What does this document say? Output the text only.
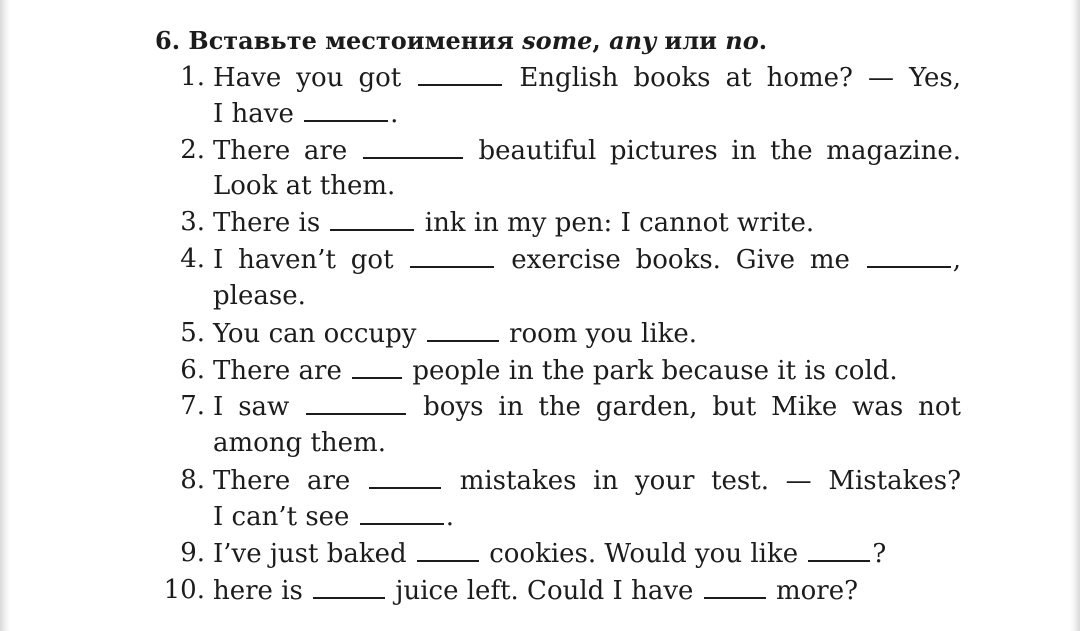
6. Вставьте местоимения some, any или no.
1. Have you got	English books at home? — Yes,
I have	.
2. There are	beautiful pictures in the magazine.
Look at them.
3. There is	ink in my pen: I cannot write.
4. I haven’t got	exercise books. Give me	,
please.
5. You can occupy	room you like.
6. There are	people in the park because it is cold.
7. I saw	boys in the garden, but Mike was not
among them.
8. There are	mistakes in your test. — Mistakes?
I can’t see	.
9. I’ve just baked	cookies. Would you like	?
10. here is	juice left. Could I have	more?
